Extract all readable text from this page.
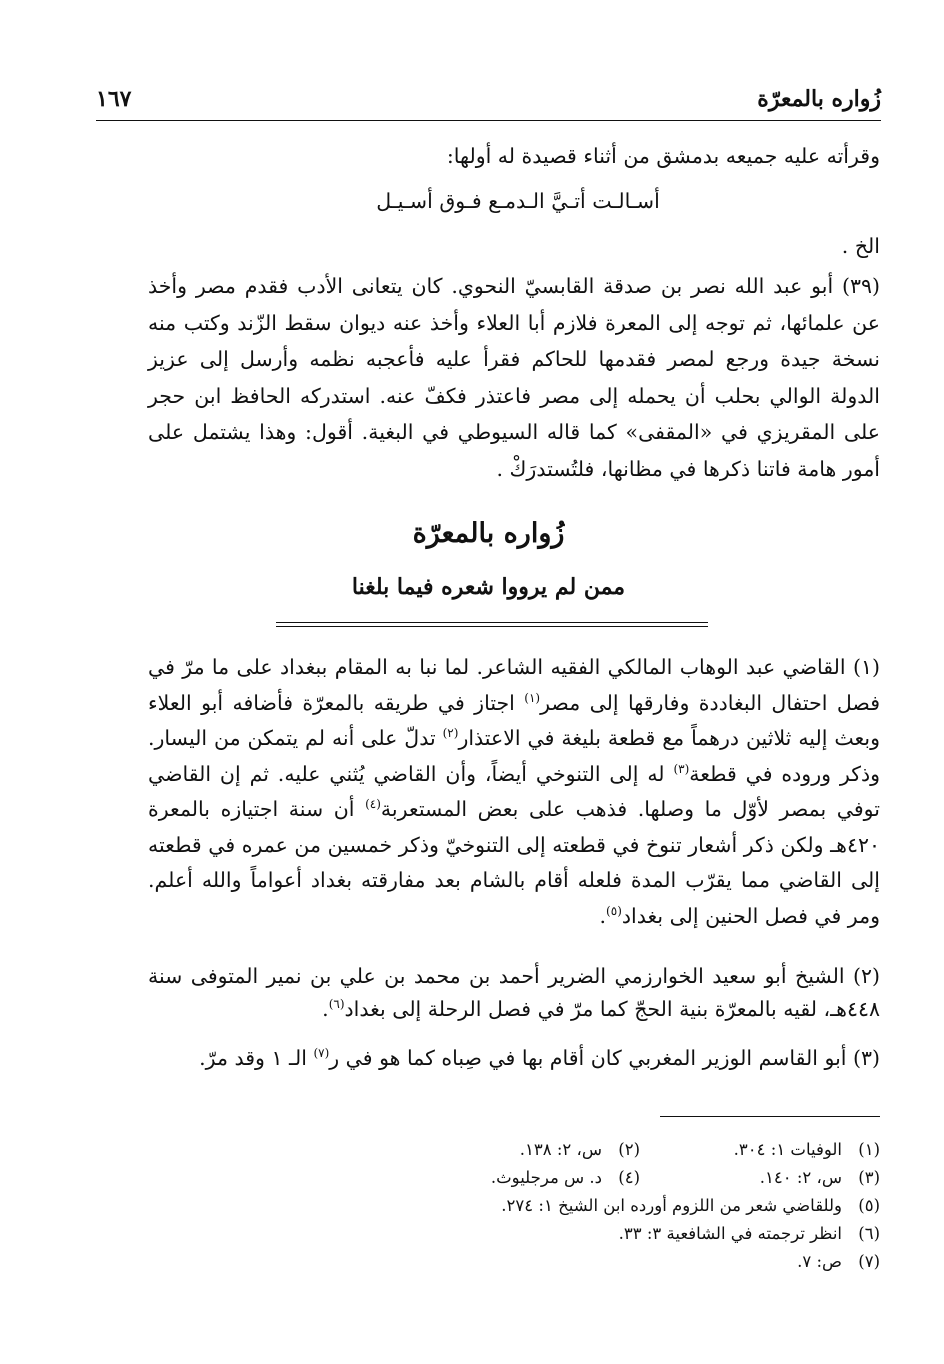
زُواره بالمعرّة
١٦٧
وقرأته عليه جميعه بدمشق من أثناء قصيدة له أولها:
أسـالـت أتـيَّ الـدمـع فـوق أسـيـل
الخ .
(٣٩) أبو عبد الله نصر بن صدقة القابسيّ النحوي. كان يتعانى الأدب فقدم مصر وأخذ عن علمائها، ثم توجه إلى المعرة فلازم أبا العلاء وأخذ عنه ديوان سقط الزّند وكتب منه نسخة جيدة ورجع لمصر فقدمها للحاكم فقرأ عليه فأعجبه نظمه وأرسل إلى عزيز الدولة الوالي بحلب أن يحمله إلى مصر فاعتذر فكفّ عنه. استدركه الحافظ ابن حجر على المقريزي في «المقفى» كما قاله السيوطي في البغية. أقول: وهذا يشتمل على أمور هامة فاتنا ذكرها في مظانها، فلتُستدرَكْ .
زُواره بالمعرّة
ممن لم يرووا شعره فيما بلغنا
(١) القاضي عبد الوهاب المالكي الفقيه الشاعر. لما نبا به المقام ببغداد على ما مرّ في فصل احتفال البغاددة وفارقها إلى مصر$^{(١)}$ اجتاز في طريقه بالمعرّة فأضافه أبو العلاء وبعث إليه ثلاثين درهماً مع قطعة بليغة في الاعتذار$^{(٢)}$ تدلّ على أنه لم يتمكن من اليسار. وذكر وروده في قطعة$^{(٣)}$ له إلى التنوخي أيضاً، وأن القاضي يُثني عليه. ثم إن القاضي توفي بمصر لأوّل ما وصلها. فذهب على بعض المستعربة$^{(٤)}$ أن سنة اجتيازه بالمعرة ٤٢٠هـ ولكن ذكر أشعار تنوخ في قطعته إلى التنوخيّ وذكر خمسين من عمره في قطعته إلى القاضي مما يقرّب المدة فلعله أقام بالشام بعد مفارقته بغداد أعواماً والله أعلم. ومر في فصل الحنين إلى بغداد$^{(٥)}$.
(٢) الشيخ أبو سعيد الخوارزمي الضرير أحمد بن محمد بن علي بن نمير المتوفى سنة ٤٤٨هـ، لقيه بالمعرّة بنية الحجّ كما مرّ في فصل الرحلة إلى بغداد$^{(٦)}$.
(٣) أبو القاسم الوزير المغربي كان أقام بها في صِباه كما هو في ر$^{(٧)}$ الـ ١ وقد مرّ.
(١)
الوفيات ١: ٣٠٤.
(٢)
س، ٢: ١٣٨.
(٣)
س، ٢: ١٤٠.
(٤)
د. س مرجليوث.
(٥)
وللقاضي شعر من اللزوم أورده ابن الشيخ ١: ٢٧٤.
(٦)
انظر ترجمته في الشافعية ٣: ٣٣.
(٧)
ص: ٧.
